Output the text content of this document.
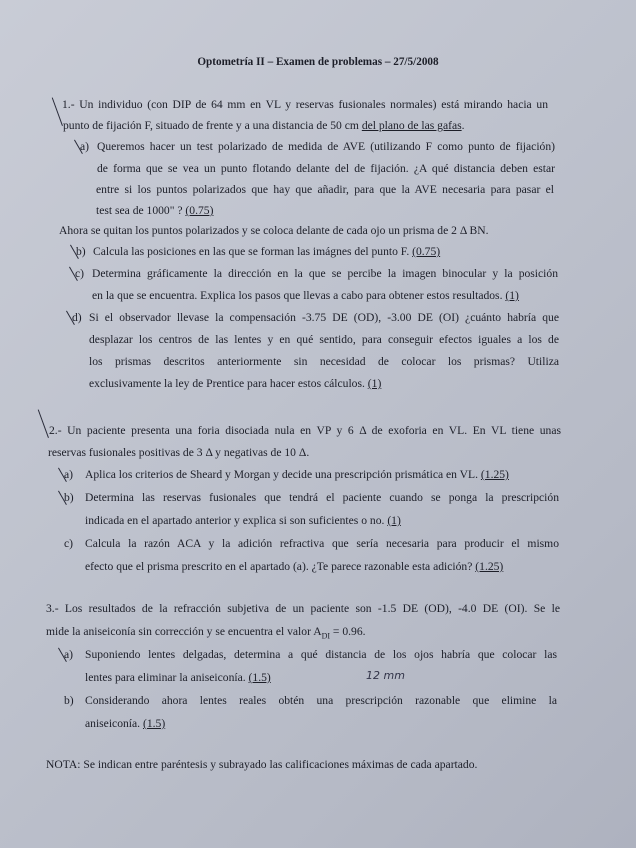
Optometría II – Examen de problemas – 27/5/2008
1.- Un individuo (con DIP de 64 mm en VL y reservas fusionales normales) está mirando hacia un
punto de fijación F, situado de frente y a una distancia de 50 cm del plano de las gafas.
a) Queremos hacer un test polarizado de medida de AVE (utilizando F como punto de fijación)
de forma que se vea un punto flotando delante del de fijación. ¿A qué distancia deben estar
entre si los puntos polarizados que hay que añadir, para que la AVE necesaria para pasar el
test sea de 1000" ? (0.75)
Ahora se quitan los puntos polarizados y se coloca delante de cada ojo un prisma de 2 Δ BN.
b) Calcula las posiciones en las que se forman las imágnes del punto F. (0.75)
c) Determina gráficamente la dirección en la que se percibe la imagen binocular y la posición
en la que se encuentra. Explica los pasos que llevas a cabo para obtener estos resultados. (1)
d) Si el observador llevase la compensación -3.75 DE (OD), -3.00 DE (OI) ¿cuánto habría que
desplazar los centros de las lentes y en qué sentido, para conseguir efectos iguales a los de
los prismas descritos anteriormente sin necesidad de colocar los prismas? Utiliza
exclusivamente la ley de Prentice para hacer estos cálculos. (1)
2.- Un paciente presenta una foria disociada nula en VP y 6 Δ de exoforia en VL. En VL tiene unas
reservas fusionales positivas de 3 Δ y negativas de 10 Δ.
a) Aplica los criterios de Sheard y Morgan y decide una prescripción prismática en VL. (1.25)
b) Determina las reservas fusionales que tendrá el paciente cuando se ponga la prescripción
indicada en el apartado anterior y explica si son suficientes o no. (1)
c) Calcula la razón ACA y la adición refractiva que sería necesaria para producir el mismo
efecto que el prisma prescrito en el apartado (a). ¿Te parece razonable esta adición? (1.25)
3.- Los resultados de la refracción subjetiva de un paciente son -1.5 DE (OD), -4.0 DE (OI). Se le
mide la aniseiconía sin corrección y se encuentra el valor $A_{DI} = 0.96$.
a) Suponiendo lentes delgadas, determina a qué distancia de los ojos habría que colocar las
lentes para eliminar la aniseiconía. (1.5)	12 mm
b) Considerando ahora lentes reales obtén una prescripción razonable que elimine la
aniseiconía. (1.5)
NOTA: Se indican entre paréntesis y subrayado las calificaciones máximas de cada apartado.
